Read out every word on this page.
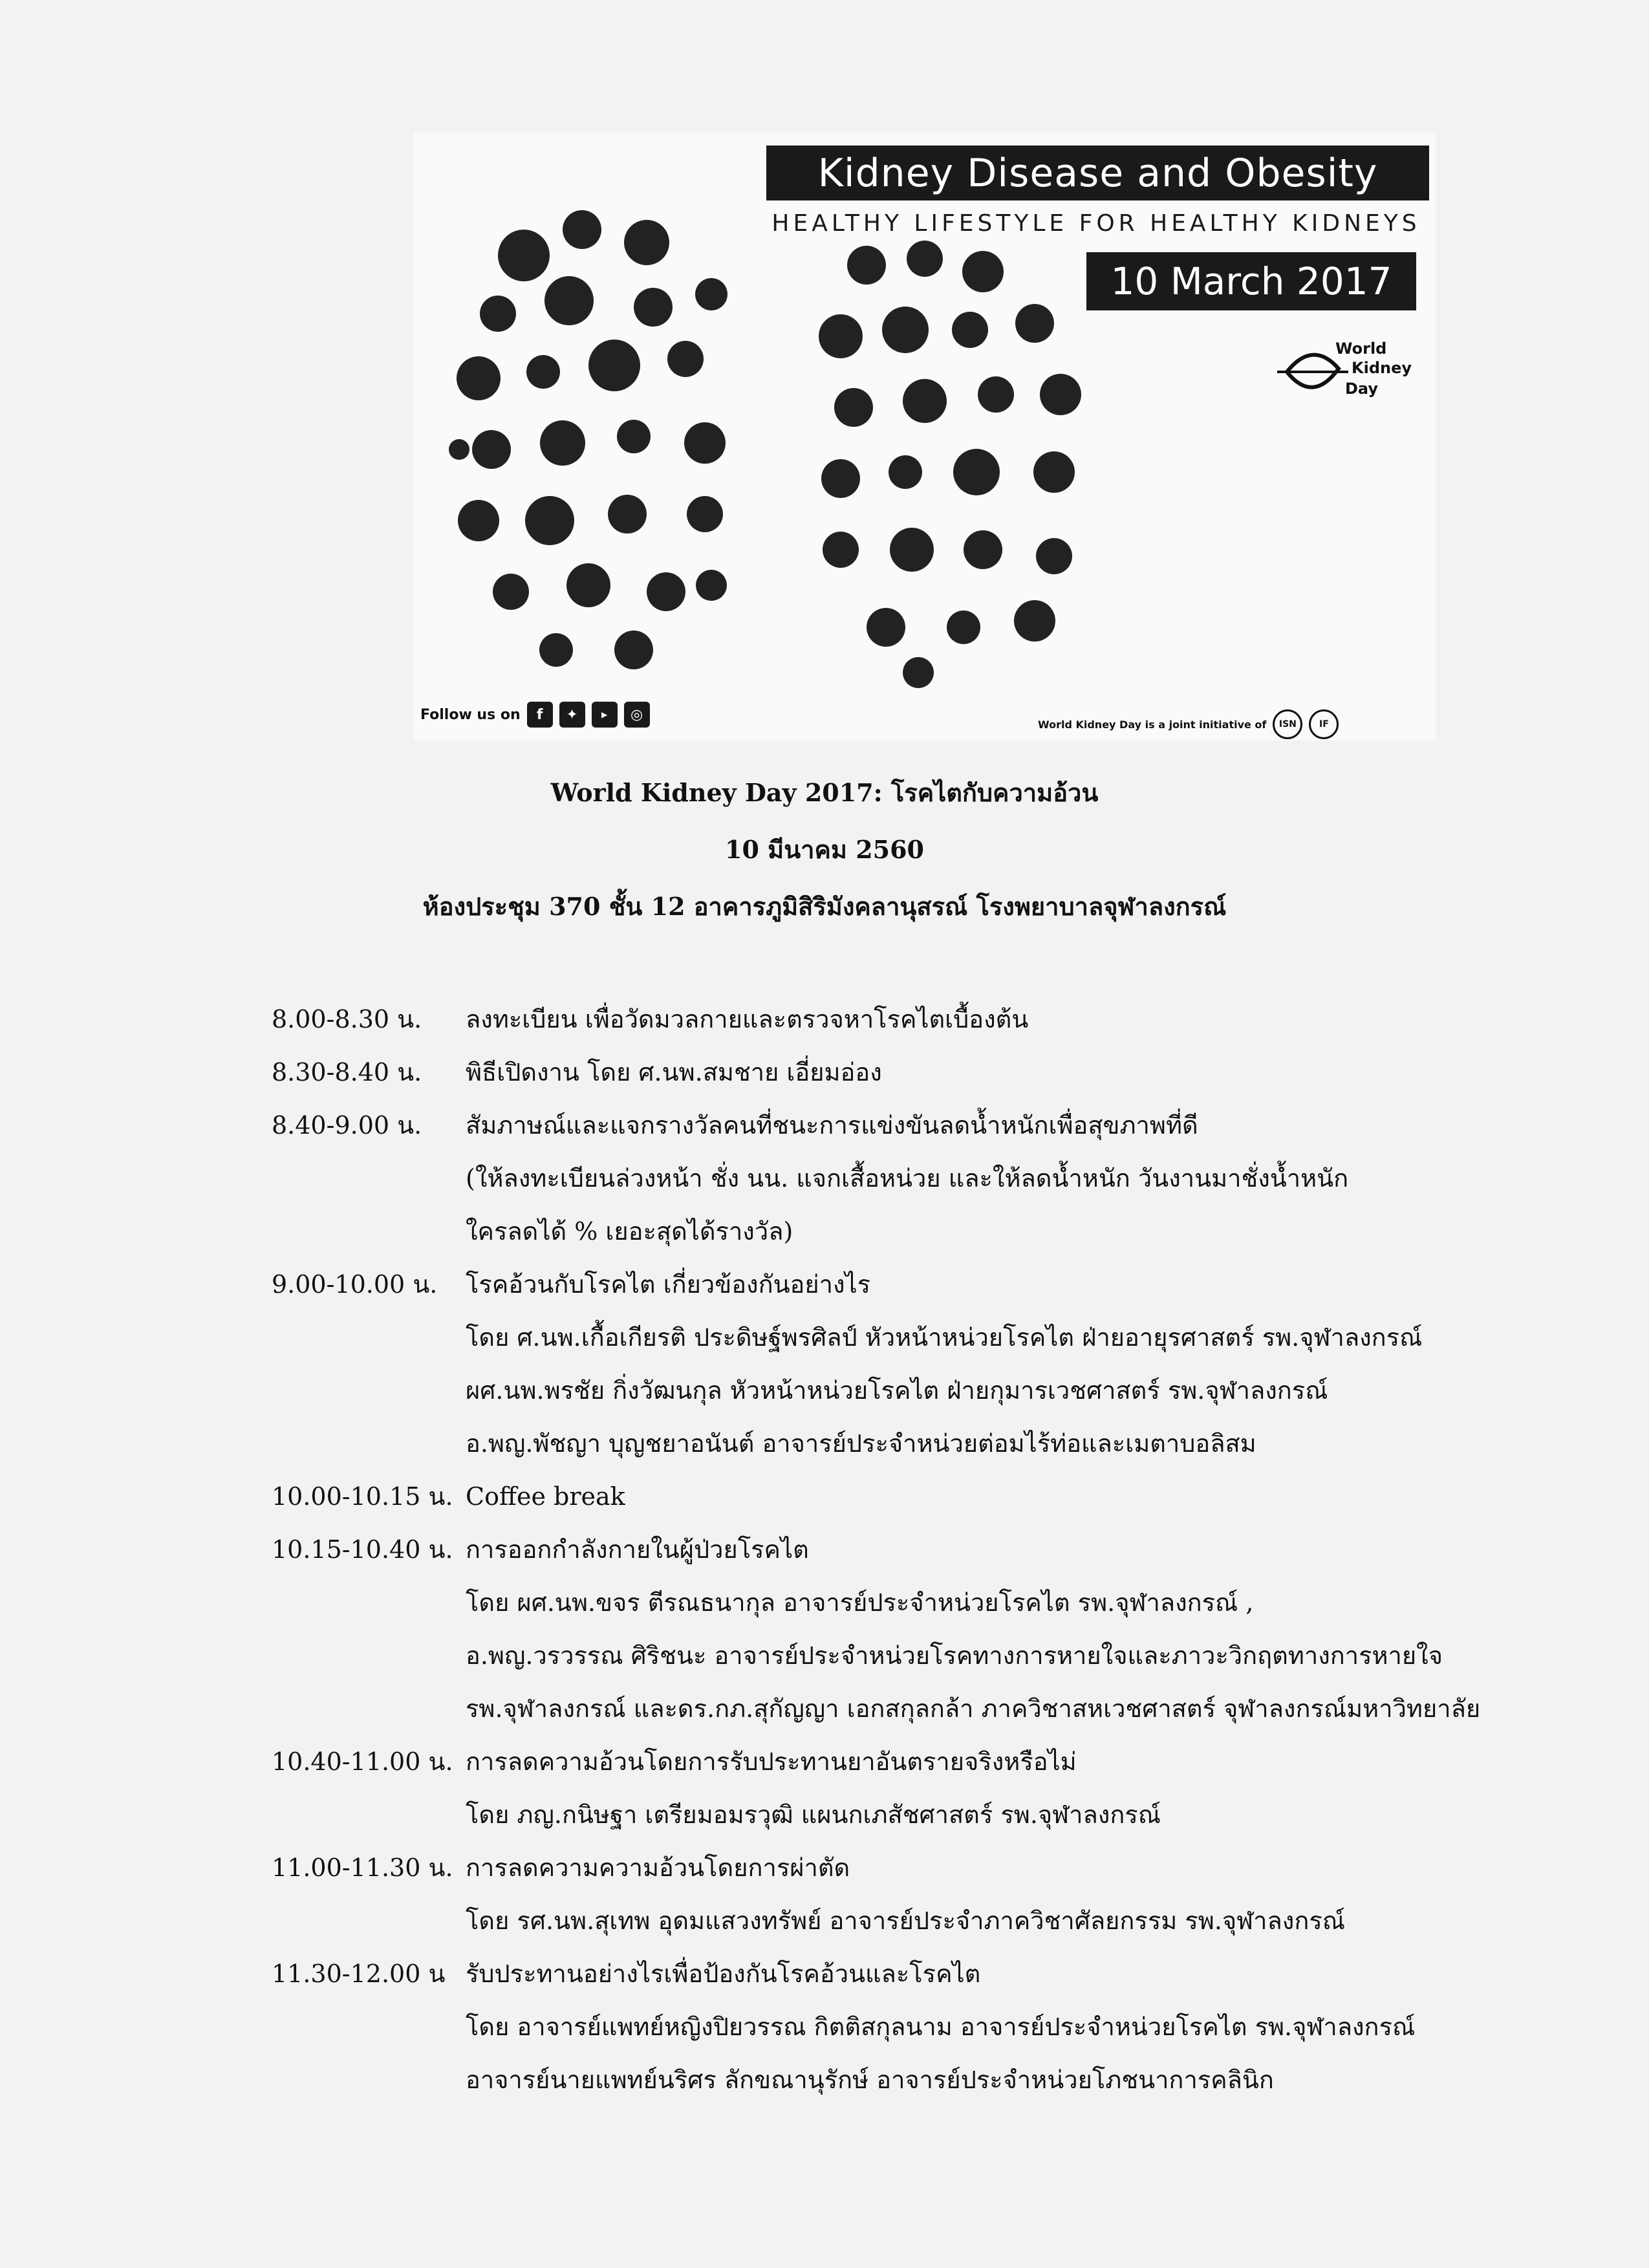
Kidney Disease and Obesity
HEALTHY LIFESTYLE FOR HEALTHY KIDNEYS
10 March 2017
World
Kidney
Day
Follow us on	f	✦	▶	◎
World Kidney Day is a joint initiative of	ISN	IF
World Kidney Day 2017: โรคไตกับความอ้วน
10 มีนาคม 2560
ห้องประชุม 370 ชั้น 12 อาคารภูมิสิริมังคลานุสรณ์ โรงพยาบาลจุฬาลงกรณ์
8.00-8.30 น.	ลงทะเบียน เพื่อวัดมวลกายและตรวจหาโรคไตเบื้องต้น
8.30-8.40 น.	พิธีเปิดงาน โดย ศ.นพ.สมชาย เอี่ยมอ่อง
8.40-9.00 น.	สัมภาษณ์และแจกรางวัลคนที่ชนะการแข่งขันลดน้ำหนักเพื่อสุขภาพที่ดี
(ให้ลงทะเบียนล่วงหน้า ชั่ง นน. แจกเสื้อหน่วย และให้ลดน้ำหนัก วันงานมาชั่งน้ำหนัก
ใครลดได้ % เยอะสุดได้รางวัล)
9.00-10.00 น.	โรคอ้วนกับโรคไต เกี่ยวข้องกันอย่างไร
โดย ศ.นพ.เกื้อเกียรติ ประดิษฐ์พรศิลป์ หัวหน้าหน่วยโรคไต ฝ่ายอายุรศาสตร์ รพ.จุฬาลงกรณ์
ผศ.นพ.พรชัย กิ่งวัฒนกุล หัวหน้าหน่วยโรคไต ฝ่ายกุมารเวชศาสตร์ รพ.จุฬาลงกรณ์
อ.พญ.พัชญา บุญชยาอนันต์ อาจารย์ประจำหน่วยต่อมไร้ท่อและเมตาบอลิสม
10.00-10.15 น. Coffee break
10.15-10.40 น. การออกกำลังกายในผู้ป่วยโรคไต
โดย ผศ.นพ.ขจร ตีรณธนากุล อาจารย์ประจำหน่วยโรคไต รพ.จุฬาลงกรณ์ ,
อ.พญ.วรวรรณ ศิริชนะ อาจารย์ประจำหน่วยโรคทางการหายใจและภาวะวิกฤตทางการหายใจ
รพ.จุฬาลงกรณ์ และดร.กภ.สุกัญญา เอกสกุลกล้า ภาควิชาสหเวชศาสตร์ จุฬาลงกรณ์มหาวิทยาลัย
10.40-11.00 น. การลดความอ้วนโดยการรับประทานยาอันตรายจริงหรือไม่
โดย ภญ.กนิษฐา เตรียมอมรวุฒิ แผนกเภสัชศาสตร์ รพ.จุฬาลงกรณ์
11.00-11.30 น. การลดความความอ้วนโดยการผ่าตัด
โดย รศ.นพ.สุเทพ อุดมแสวงทรัพย์ อาจารย์ประจำภาควิชาศัลยกรรม รพ.จุฬาลงกรณ์
11.30-12.00 น รับประทานอย่างไรเพื่อป้องกันโรคอ้วนและโรคไต
โดย อาจารย์แพทย์หญิงปิยวรรณ กิตติสกุลนาม อาจารย์ประจำหน่วยโรคไต รพ.จุฬาลงกรณ์
อาจารย์นายแพทย์นริศร ลักขณานุรักษ์ อาจารย์ประจำหน่วยโภชนาการคลินิก
